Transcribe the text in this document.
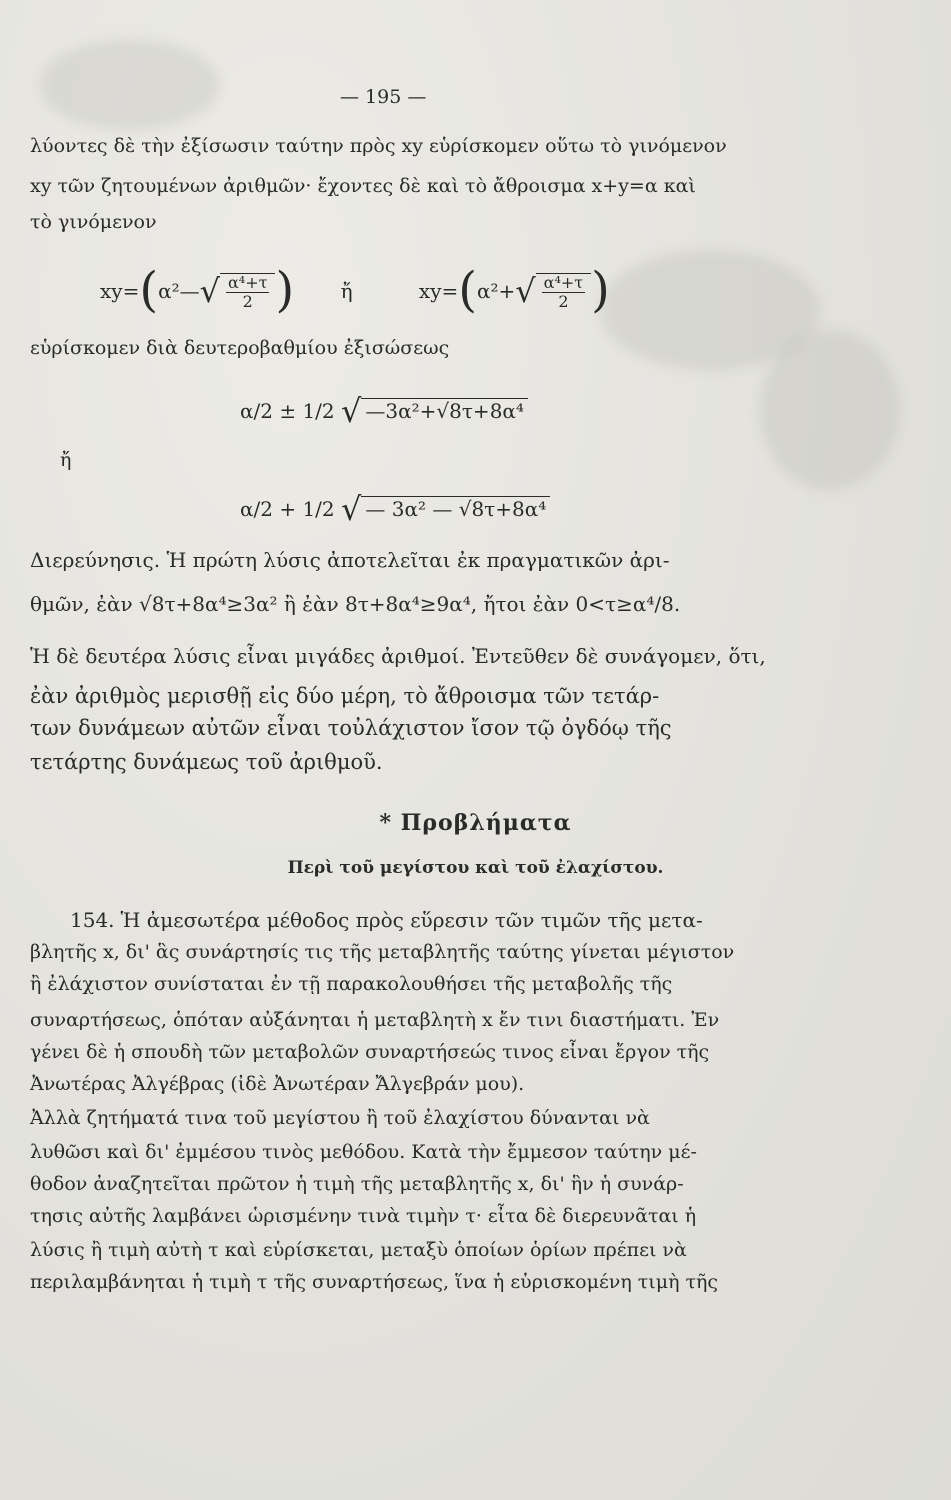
— 195 —
λύοντες δὲ τὴν ἐξίσωσιν ταύτην πρὸς xy εὑρίσκομεν οὕτω τὸ γινόμενον
xy τῶν ζητουμένων ἀριθμῶν· ἔχοντες δὲ καὶ τὸ ἄθροισμα x+y=α καὶ
τὸ γινόμενον
xy=(α²—√ $\frac{\text{α⁴+τ}}{2}$ ) ἤ	$xy=(\alpha^2+√ \frac{\text{α⁴+τ}}{2}$ )
εὑρίσκομεν διὰ δευτεροβαθμίου ἐξισώσεως
α/2 ± 1/2 √ —3α²+√8τ+8α⁴
ἤ
α/2 + 1/2 √ — 3α² — √8τ+8α⁴
Διερεύνησις. Ἡ πρώτη λύσις ἀποτελεῖται ἐκ πραγματικῶν ἀρι-
θμῶν, ἐὰν √8τ+8α⁴≥3α² ἢ ἐὰν 8τ+8α⁴≥9α⁴, ἤτοι ἐὰν 0<τ≥α⁴/8.
Ἡ δὲ δευτέρα λύσις εἶναι μιγάδες ἀριθμοί. Ἐντεῦθεν δὲ συνάγομεν, ὅτι,
ἐὰν ἀριθμὸς μερισθῇ εἰς δύο μέρη, τὸ ἄθροισμα τῶν τετάρ-
των δυνάμεων αὐτῶν εἶναι τοὐλάχιστον ἴσον τῷ ὀγδόῳ τῆς
τετάρτης δυνάμεως τοῦ ἀριθμοῦ.
* Προβλήματα
Περὶ τοῦ μεγίστου καὶ τοῦ ἐλαχίστου.
154. Ἡ ἀμεσωτέρα μέθοδος πρὸς εὕρεσιν τῶν τιμῶν τῆς μετα-
βλητῆς x, δι' ἃς συνάρτησίς τις τῆς μεταβλητῆς ταύτης γίνεται μέγιστον
ἢ ἐλάχιστον συνίσταται ἐν τῇ παρακολουθήσει τῆς μεταβολῆς τῆς
συναρτήσεως, ὁπόταν αὐξάνηται ἡ μεταβλητὴ x ἔν τινι διαστήματι. Ἐν
γένει δὲ ἡ σπουδὴ τῶν μεταβολῶν συναρτήσεώς τινος εἶναι ἔργον τῆς
Ἀνωτέρας Ἀλγέβρας (ἰδὲ Ἀνωτέραν Ἄλγεβράν μου).
Ἀλλὰ ζητήματά τινα τοῦ μεγίστου ἢ τοῦ ἐλαχίστου δύνανται νὰ
λυθῶσι καὶ δι' ἐμμέσου τινὸς μεθόδου. Κατὰ τὴν ἔμμεσον ταύτην μέ-
θοδον ἀναζητεῖται πρῶτον ἡ τιμὴ τῆς μεταβλητῆς x, δι' ἣν ἡ συνάρ-
τησις αὐτῆς λαμβάνει ὡρισμένην τινὰ τιμὴν τ· εἶτα δὲ διερευνᾶται ἡ
λύσις ἢ τιμὴ αὐτὴ τ καὶ εὑρίσκεται, μεταξὺ ὁποίων ὁρίων πρέπει νὰ
περιλαμβάνηται ἡ τιμὴ τ τῆς συναρτήσεως, ἵνα ἡ εὑρισκομένη τιμὴ τῆς
